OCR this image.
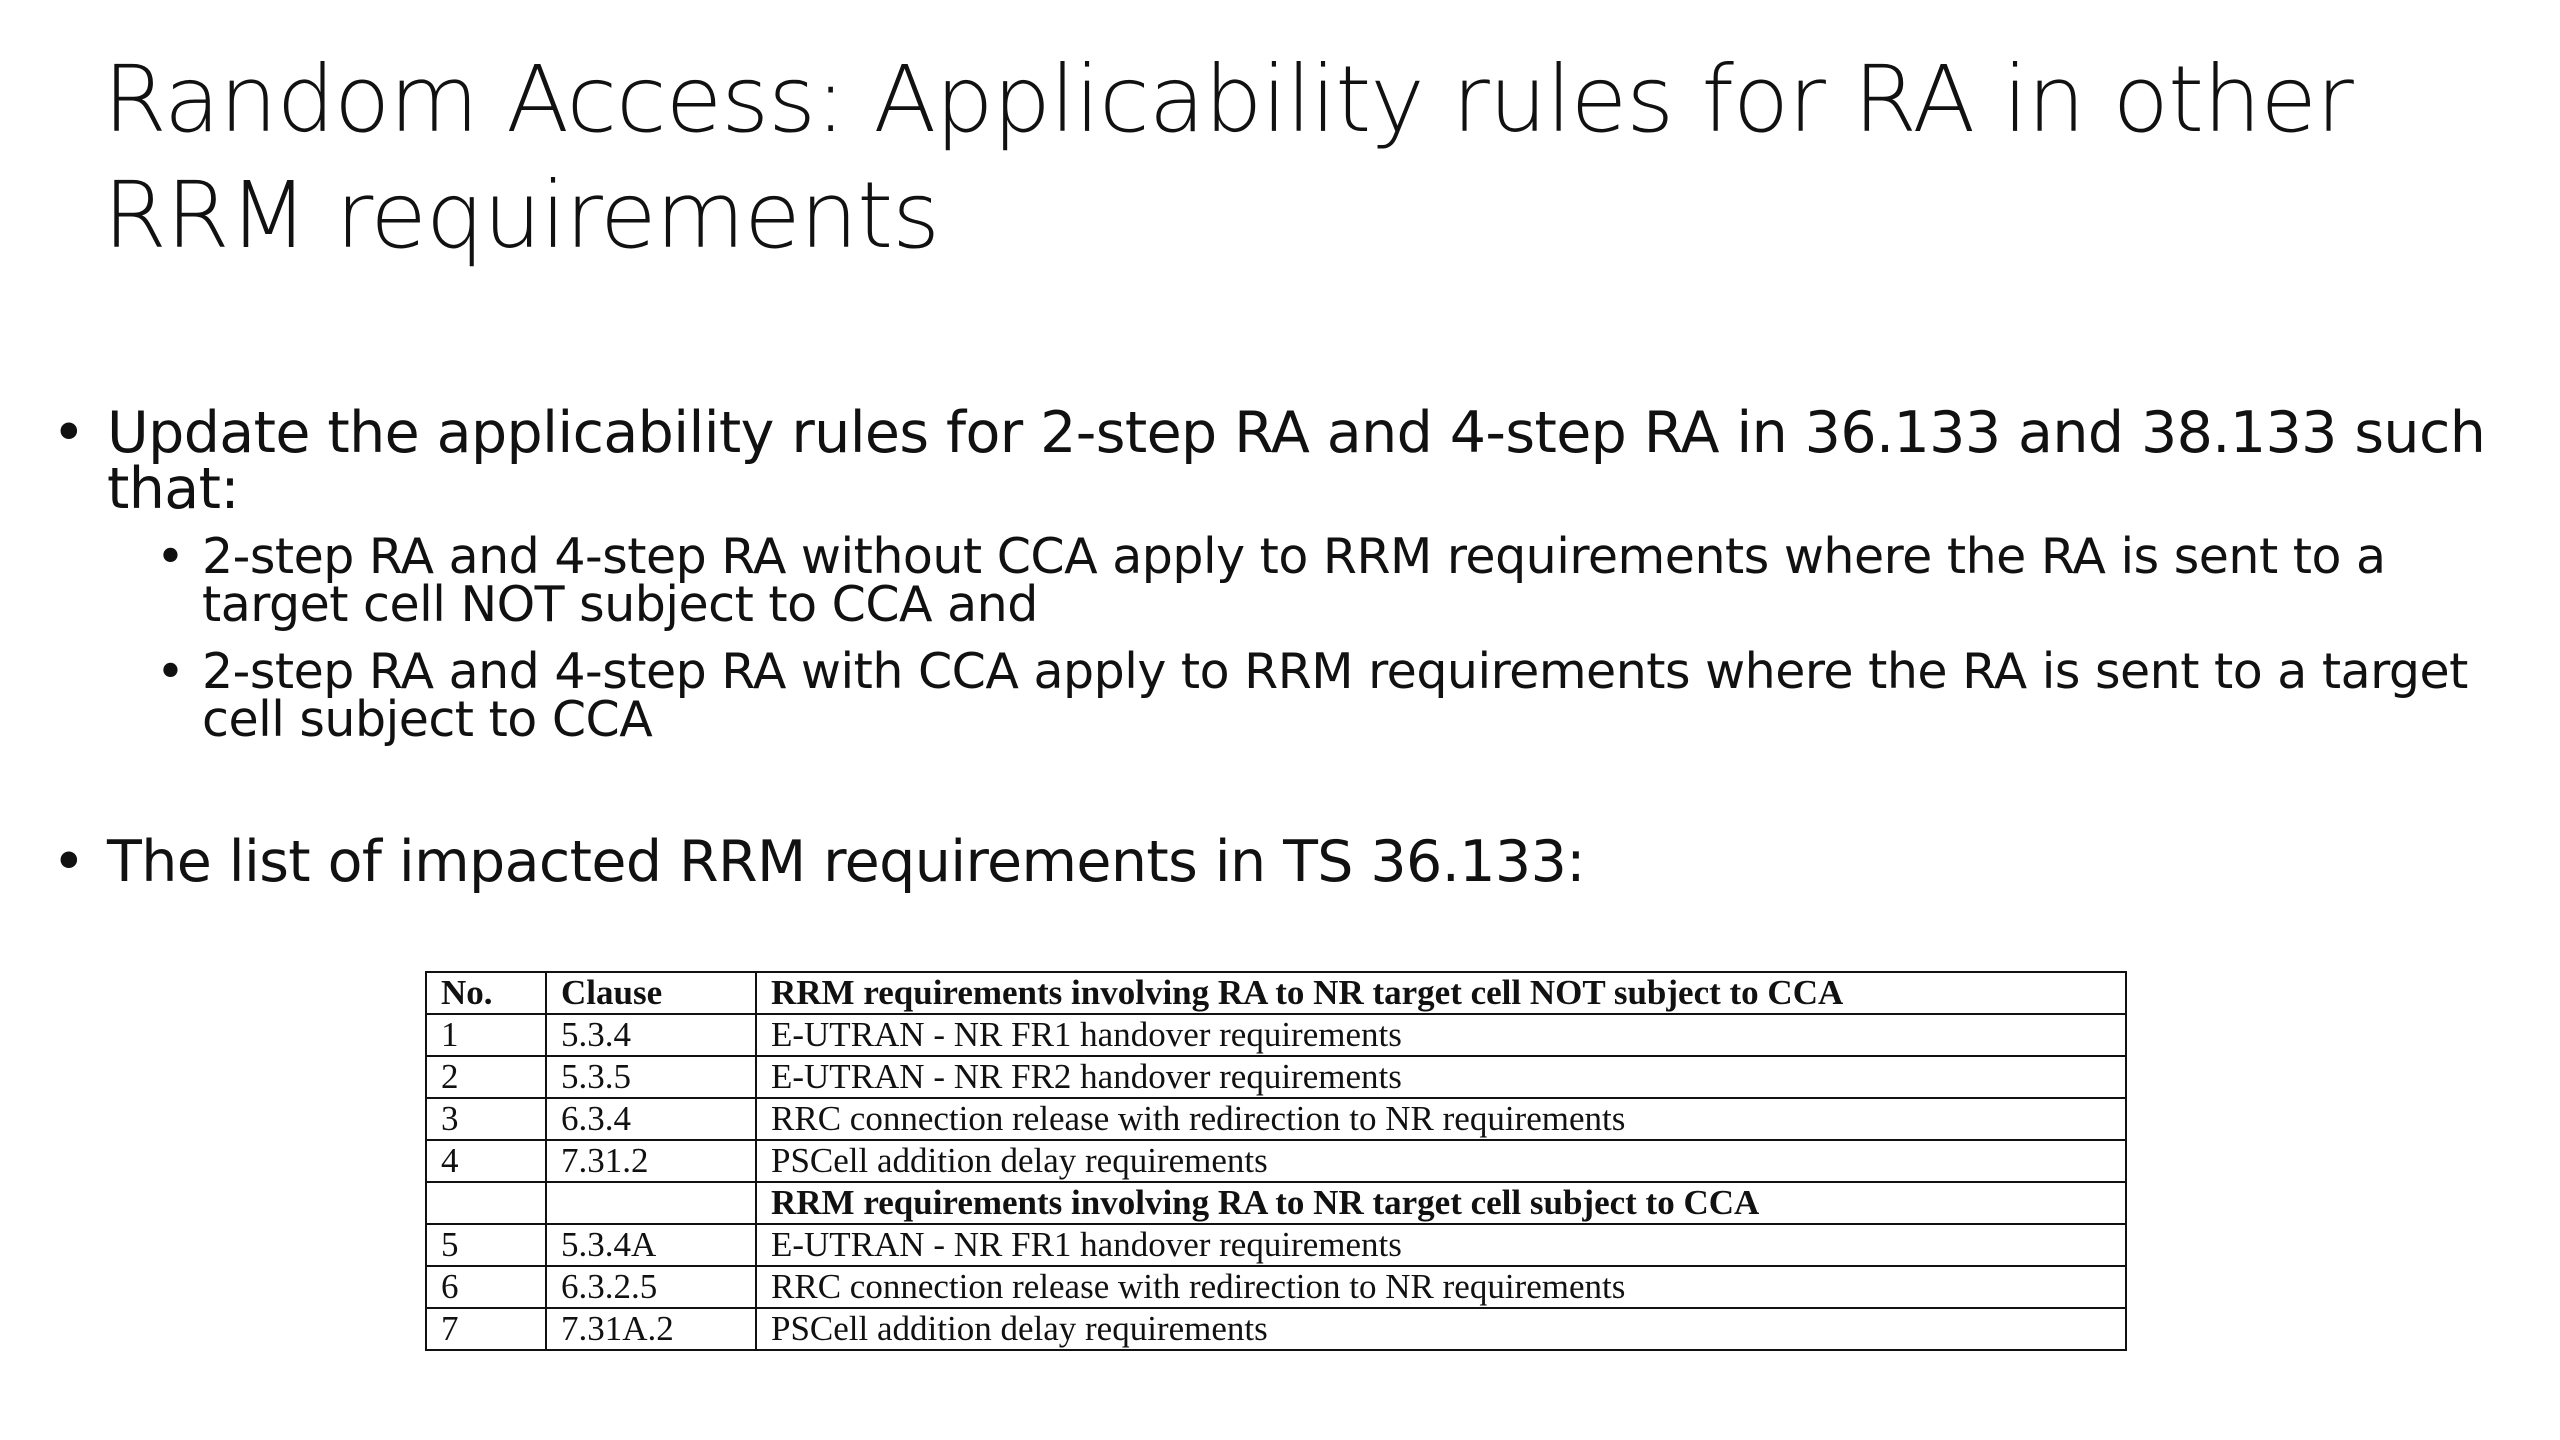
Random Access: Applicability rules for RA in other RRM requirements
• Update the applicability rules for 2-step RA and 4-step RA in 36.133 and 38.133 such that:
• 2-step RA and 4-step RA without CCA apply to RRM requirements where the RA is sent to a target cell NOT subject to CCA and
• 2-step RA and 4-step RA with CCA apply to RRM requirements where the RA is sent to a target cell subject to CCA
• The list of impacted RRM requirements in TS 36.133:
No.	Clause	RRM requirements involving RA to NR target cell NOT subject to CCA
1	5.3.4	E-UTRAN - NR FR1 handover requirements
2	5.3.5	E-UTRAN - NR FR2 handover requirements
3	6.3.4	RRC connection release with redirection to NR requirements
4	7.31.2	PSCell addition delay requirements
		RRM requirements involving RA to NR target cell subject to CCA
5	5.3.4A	E-UTRAN - NR FR1 handover requirements
6	6.3.2.5	RRC connection release with redirection to NR requirements
7	7.31A.2	PSCell addition delay requirements
